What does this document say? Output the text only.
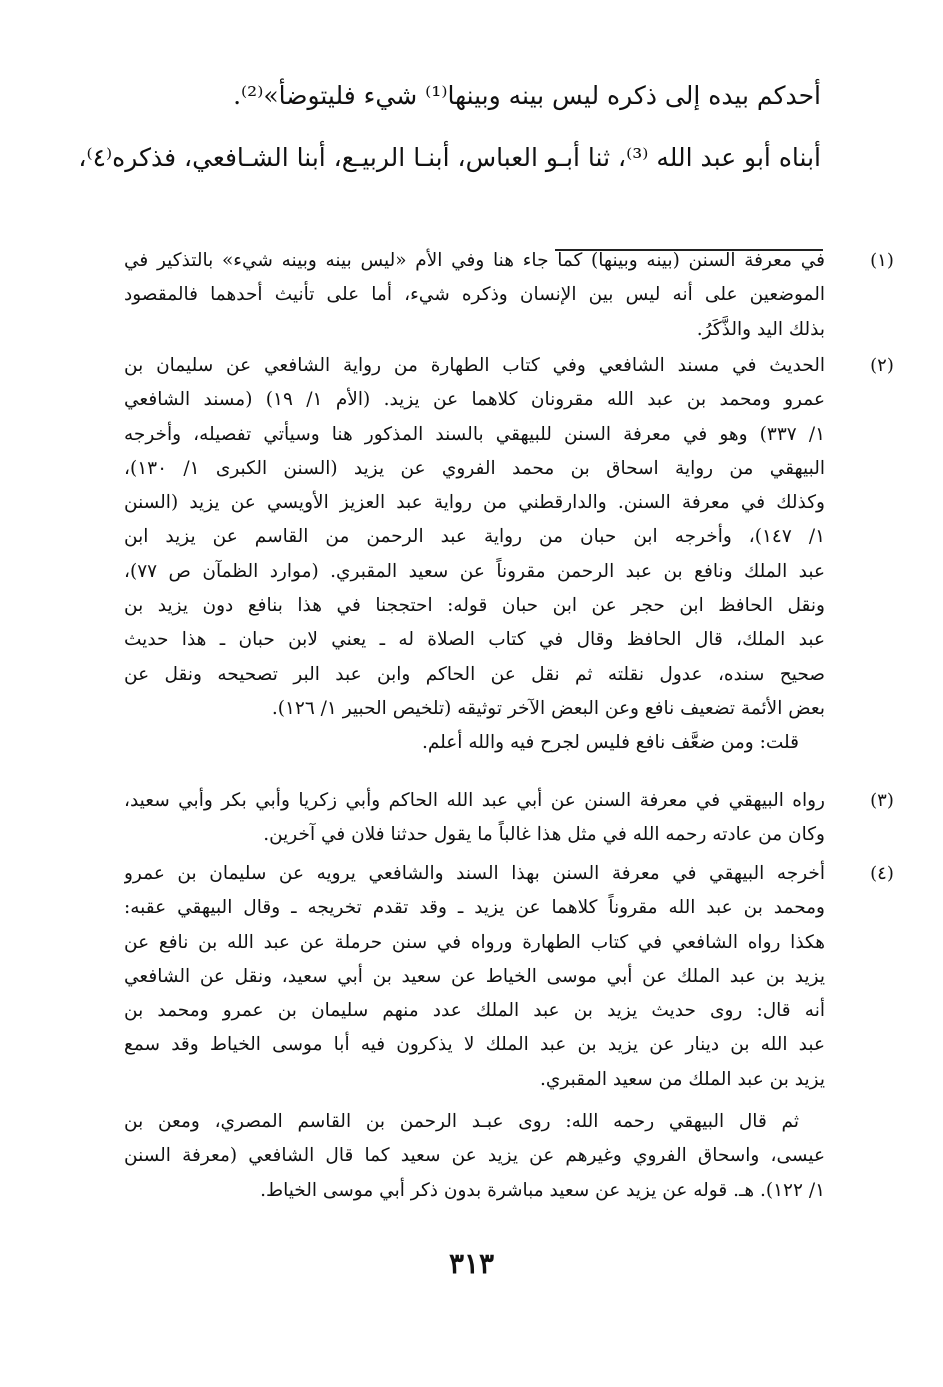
أحدكم بيده إلى ذكره ليس بينه وبينها⁽¹⁾ شيء فليتوضأ»⁽²⁾.
أبناه أبو عبد الله ⁽³⁾، ثنا أبـو العباس، أبنـا الربيـع، أبنا الشـافعي، فذكره⁽٤⁾،
(١)
في معرفة السنن (بينه وبينها) كما جاء هنا وفي الأم «ليس بينه وبينه شيء» بالتذكير في
الموضعين على أنه ليس بين الإنسان وذكره شيء، أما على تأنيث أحدهما فالمقصود
بذلك اليد والذَّكَرُ.
(٢)
الحديث في مسند الشافعي وفي كتاب الطهارة من رواية الشافعي عن سليمان بن
عمرو ومحمد بن عبد الله مقرونان كلاهما عن يزيد. (الأم ١/ ١٩) (مسند الشافعي
١/ ٣٣٧) وهو في معرفة السنن للبيهقي بالسند المذكور هنا وسيأتي تفصيله، وأخرجه
البيهقي من رواية اسحاق بن محمد الفروي عن يزيد (السنن الكبرى ١/ ١٣٠)،
وكذلك في معرفة السنن. والدارقطني من رواية عبد العزيز الأويسي عن يزيد (السنن
١/ ١٤٧)، وأخرجه ابن حبان من رواية عبد الرحمن من القاسم عن يزيد ابن
عبد الملك ونافع بن عبد الرحمن مقروناً عن سعيد المقبري. (موارد الظمآن ص ٧٧)،
ونقل الحافظ ابن حجر عن ابن حبان قوله: احتججنا في هذا بنافع دون يزيد بن
عبد الملك، قال الحافظ وقال في كتاب الصلاة له ـ يعني لابن حبان ـ هذا حديث
صحيح سنده، عدول نقلته ثم نقل عن الحاكم وابن عبد البر تصحيحه ونقل عن
بعض الأئمة تضعيف نافع وعن البعض الآخر توثيقه (تلخيص الحبير ١/ ١٢٦).
قلت: ومن ضعَّف نافع فليس لجرح فيه والله أعلم.
(٣)
رواه البيهقي في معرفة السنن عن أبي عبد الله الحاكم وأبي زكريا وأبي بكر وأبي سعيد،
وكان من عادته رحمه الله في مثل هذا غالباً ما يقول حدثنا فلان في آخرين.
(٤)
أخرجه البيهقي في معرفة السنن بهذا السند والشافعي يرويه عن سليمان بن عمرو
ومحمد بن عبد الله مقروناً كلاهما عن يزيد ـ وقد تقدم تخريجه ـ وقال البيهقي عقبه:
هكذا رواه الشافعي في كتاب الطهارة ورواه في سنن حرملة عن عبد الله بن نافع عن
يزيد بن عبد الملك عن أبي موسى الخياط عن سعيد بن أبي سعيد، ونقل عن الشافعي
أنه قال: روى حديث يزيد بن عبد الملك عدد منهم سليمان بن عمرو ومحمد بن
عبد الله بن دينار عن يزيد بن عبد الملك لا يذكرون فيه أبا موسى الخياط وقد سمع
يزيد بن عبد الملك من سعيد المقبري.
ثم قال البيهقي رحمه الله: روى عبـد الرحمن بن القاسم المصري، ومعن بن
عيسى، واسحاق الفروي وغيرهم عن يزيد عن سعيد كما قال الشافعي (معرفة السنن
١/ ١٢٢). هـ. قوله عن يزيد عن سعيد مباشرة بدون ذكر أبي موسى الخياط.
٣١٣
